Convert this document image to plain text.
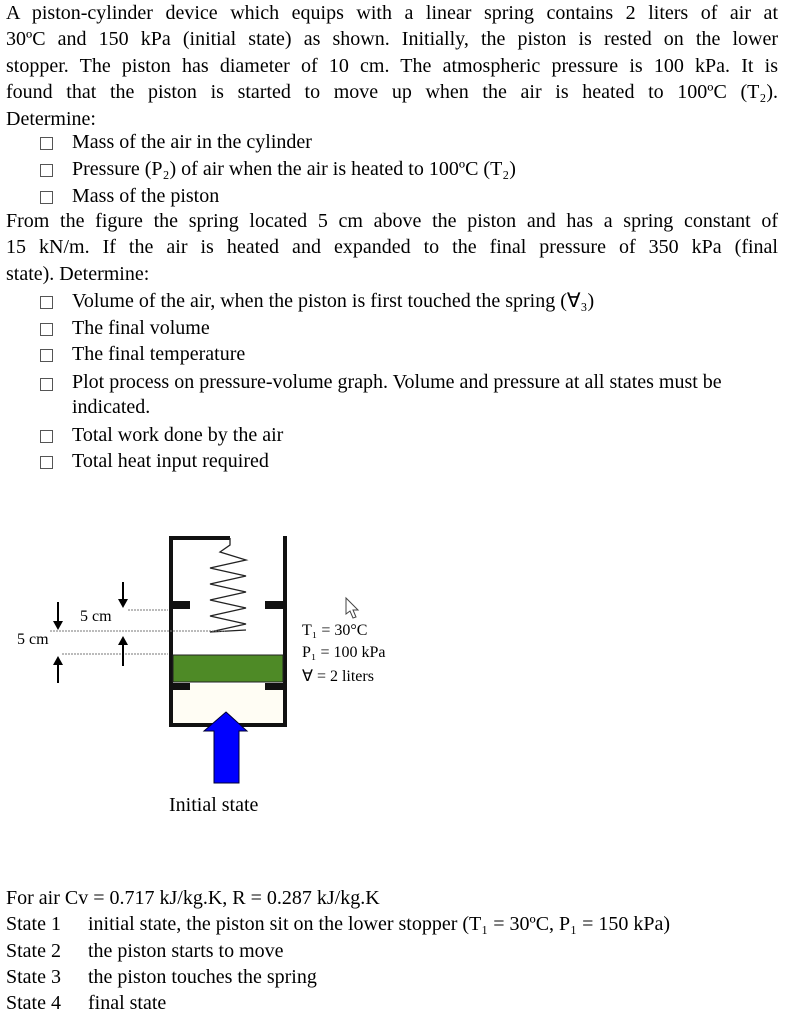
A piston-cylinder device which equips with a linear spring contains 2 liters of air at
30ºC and 150 kPa (initial state) as shown. Initially, the piston is rested on the lower
stopper. The piston has diameter of 10 cm. The atmospheric pressure is 100 kPa. It is
found that the piston is started to move up when the air is heated to 100ºC (T₂).
Determine:
Mass of the air in the cylinder
Pressure (P₂) of air when the air is heated to 100ºC (T₂)
Mass of the piston
From the figure the spring located 5 cm above the piston and has a spring constant of
15 kN/m. If the air is heated and expanded to the final pressure of 350 kPa (final
state). Determine:
Volume of the air, when the piston is first touched the spring (∀₃)
The final volume
The final temperature
Plot process on pressure-volume graph. Volume and pressure at all states must be indicated.
Total work done by the air
Total heat input required
5 cm
5 cm
T₁ = 30°C
P₁ = 100 kPa
∀ = 2 liters
Initial state
For air Cv = 0.717 kJ/kg.K, R = 0.287 kJ/kg.K
State 1 initial state, the piston sit on the lower stopper (T₁ = 30ºC, P₁ = 150 kPa)
State 2 the piston starts to move
State 3 the piston touches the spring
State 4 final state
